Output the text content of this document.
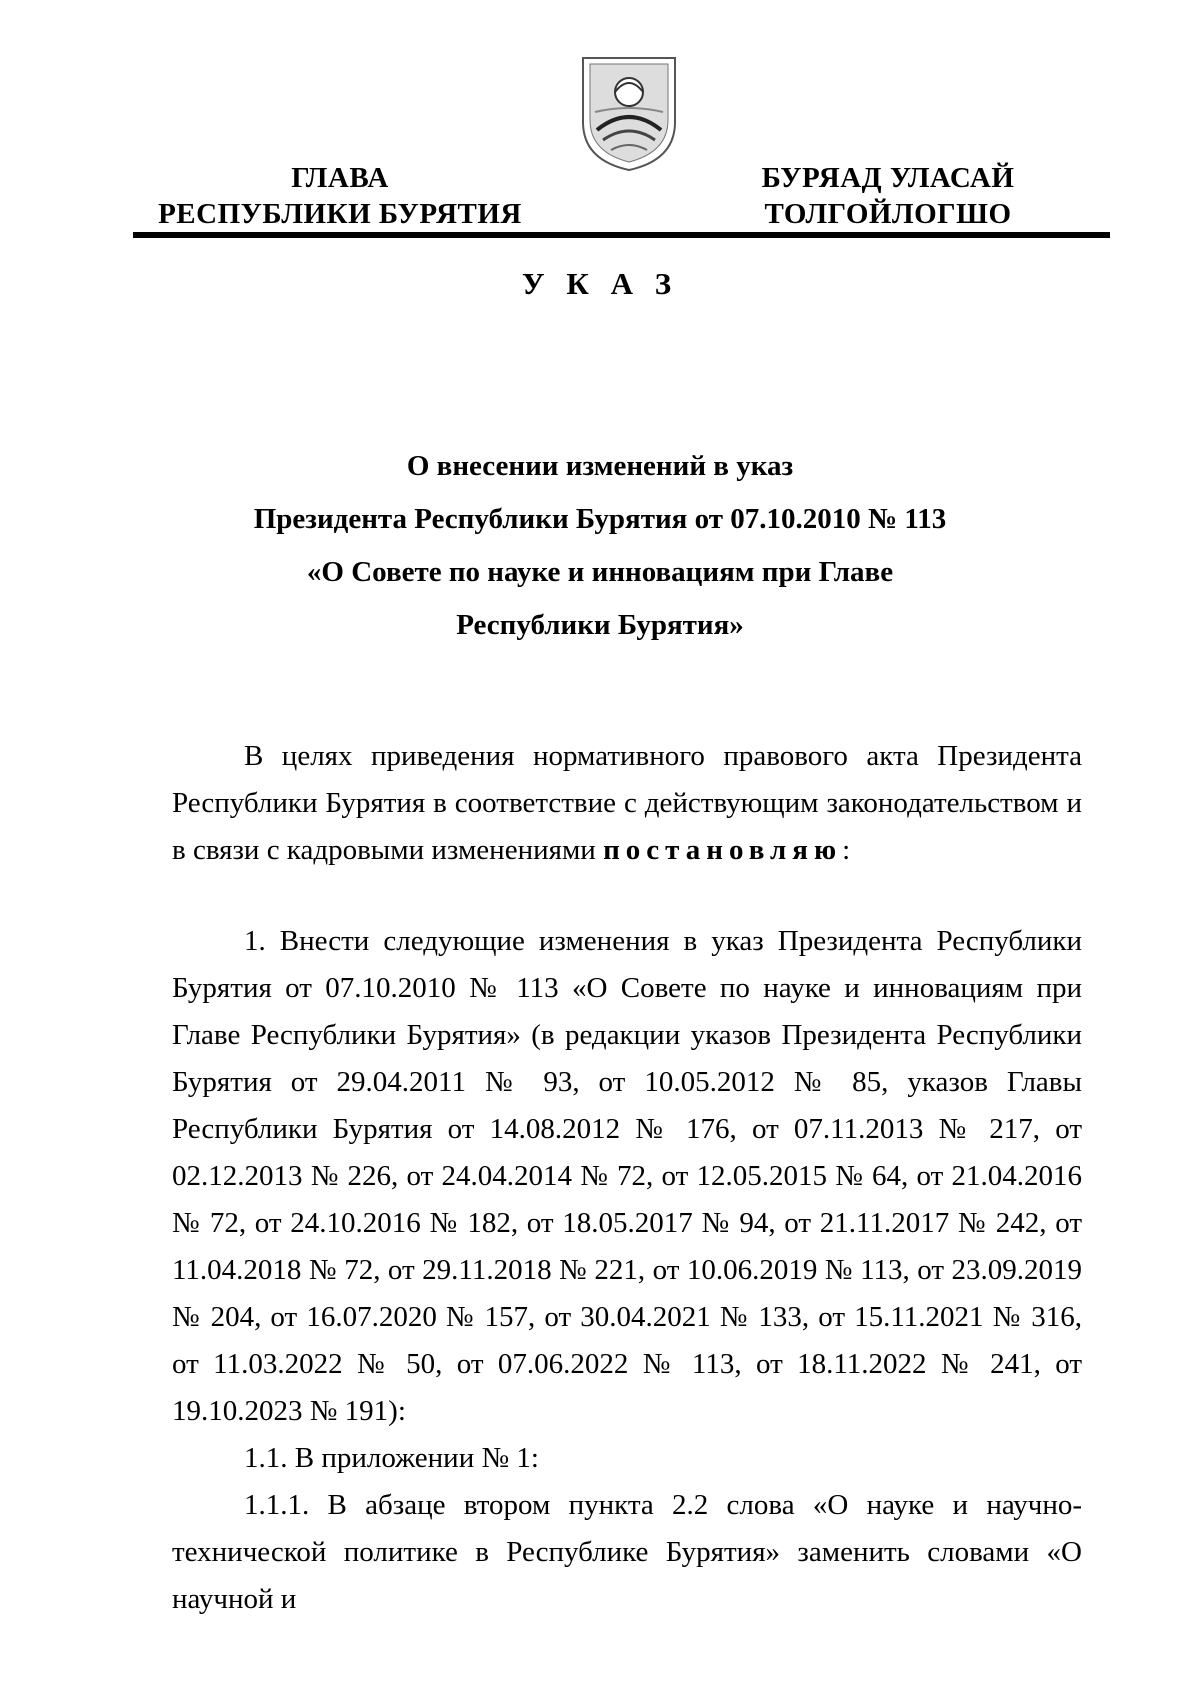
ГЛАВА
РЕСПУБЛИКИ БУРЯТИЯ
БУРЯАД УЛАСАЙ
ТОЛГОЙЛОГШО
У К А З
О внесении изменений в указ
Президента Республики Бурятия от 07.10.2010 № 113
«О Совете по науке и инновациям при Главе
Республики Бурятия»

В целях приведения нормативного правового акта Президента Республики Бурятия в соответствие с действующим законодательством и в связи с кадровыми изменениями постановляю:

1. Внести следующие изменения в указ Президента Республики Бурятия от 07.10.2010 № 113 «О Совете по науке и инновациям при Главе Республики Бурятия» (в редакции указов Президента Республики Бурятия от 29.04.2011 № 93, от 10.05.2012 № 85, указов Главы Республики Бурятия от 14.08.2012 № 176, от 07.11.2013 № 217, от 02.12.2013 № 226, от 24.04.2014 № 72, от 12.05.2015 № 64, от 21.04.2016 № 72, от 24.10.2016 № 182, от 18.05.2017 № 94, от 21.11.2017 № 242, от 11.04.2018 № 72, от 29.11.2018 № 221, от 10.06.2019 № 113, от 23.09.2019 № 204, от 16.07.2020 № 157, от 30.04.2021 № 133, от 15.11.2021 № 316, от 11.03.2022 № 50, от 07.06.2022 № 113, от 18.11.2022 № 241, от 19.10.2023 № 191):

1.1. В приложении № 1:

1.1.1. В абзаце втором пункта 2.2 слова «О науке и научно-технической политике в Республике Бурятия» заменить словами «О научной и
